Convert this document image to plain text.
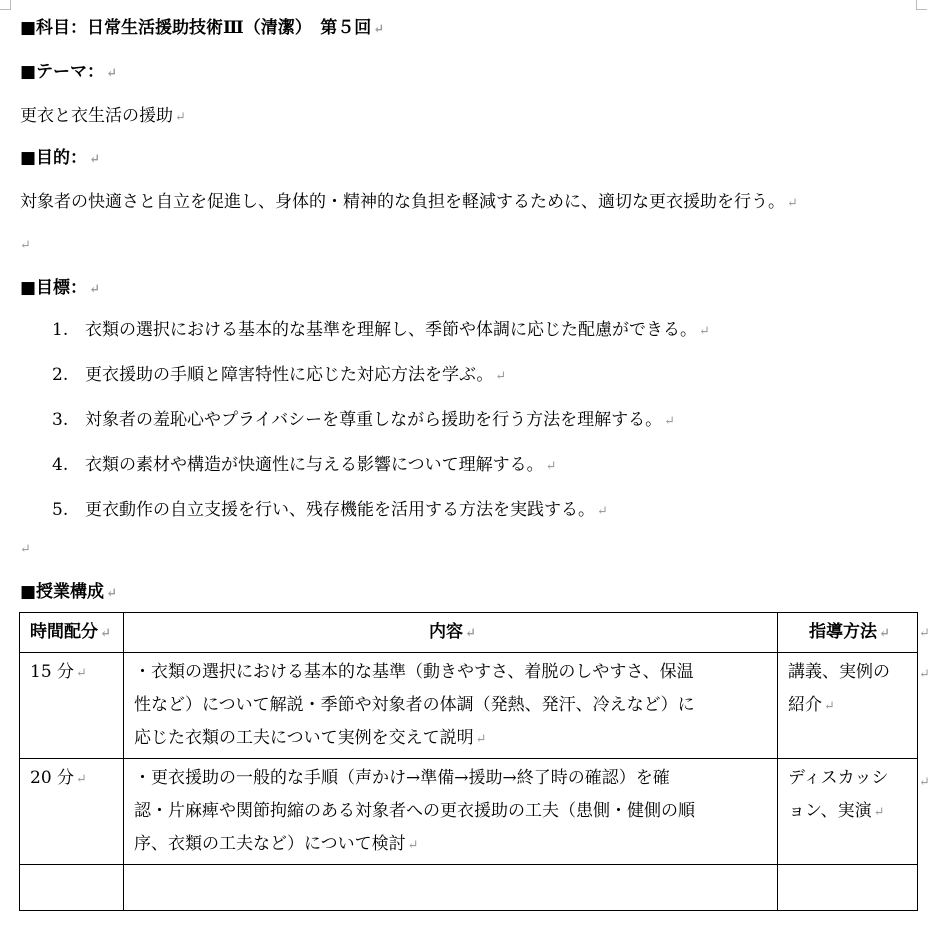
■科目：日常生活援助技術Ⅲ（清潔）　第５回 ↵
■テーマ： ↵
更衣と衣生活の援助 ↵
■目的： ↵
対象者の快適さと自立を促進し、身体的・精神的な負担を軽減するために、適切な更衣援助を行う。 ↵
↵
■目標： ↵
1. 衣類の選択における基本的な基準を理解し、季節や体調に応じた配慮ができる。 ↵
2. 更衣援助の手順と障害特性に応じた対応方法を学ぶ。 ↵
3. 対象者の羞恥心やプライバシーを尊重しながら援助を行う方法を理解する。 ↵
4. 衣類の素材や構造が快適性に与える影響について理解する。 ↵
5. 更衣動作の自立支援を行い、残存機能を活用する方法を実践する。 ↵
↵
■授業構成 ↵
時間配分 ↵	内容 ↵	指導方法 ↵
15 分 ↵	・衣類の選択における基本的な基準（動きやすさ、着脱のしやすさ、保温
性など）について解説・季節や対象者の体調（発熱、発汗、冷えなど）に
応じた衣類の工夫について実例を交えて説明 ↵	講義、実例の
紹介 ↵

20 分 ↵	・更衣援助の一般的な手順（声かけ→準備→援助→終了時の確認）を確
認・片麻痺や関節拘縮のある対象者への更衣援助の工夫（患側・健側の順
序、衣類の工夫など）について検討 ↵	ディスカッシ
ョン、実演 ↵

↵
↵
↵
